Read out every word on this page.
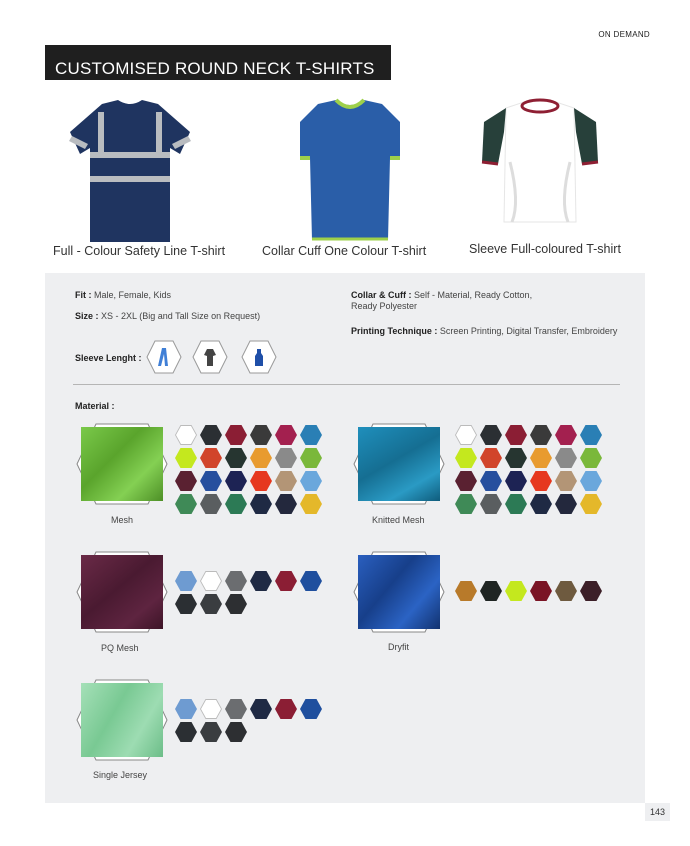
ON DEMAND
CUSTOMISED ROUND NECK T-SHIRTS
Full - Colour Safety Line T-shirt	Collar Cuff One Colour T-shirt	Sleeve Full-coloured T-shirt
Fit : Male, Female, Kids
Size : XS - 2XL (Big and Tall Size on Request)
Collar & Cuff : Self - Material, Ready Cotton,
Ready Polyester
Printing Technique : Screen Printing, Digital Transfer, Embroidery
Sleeve Lenght :
Material :
Mesh	Knitted Mesh
PQ Mesh	Dryfit
Single Jersey
143
